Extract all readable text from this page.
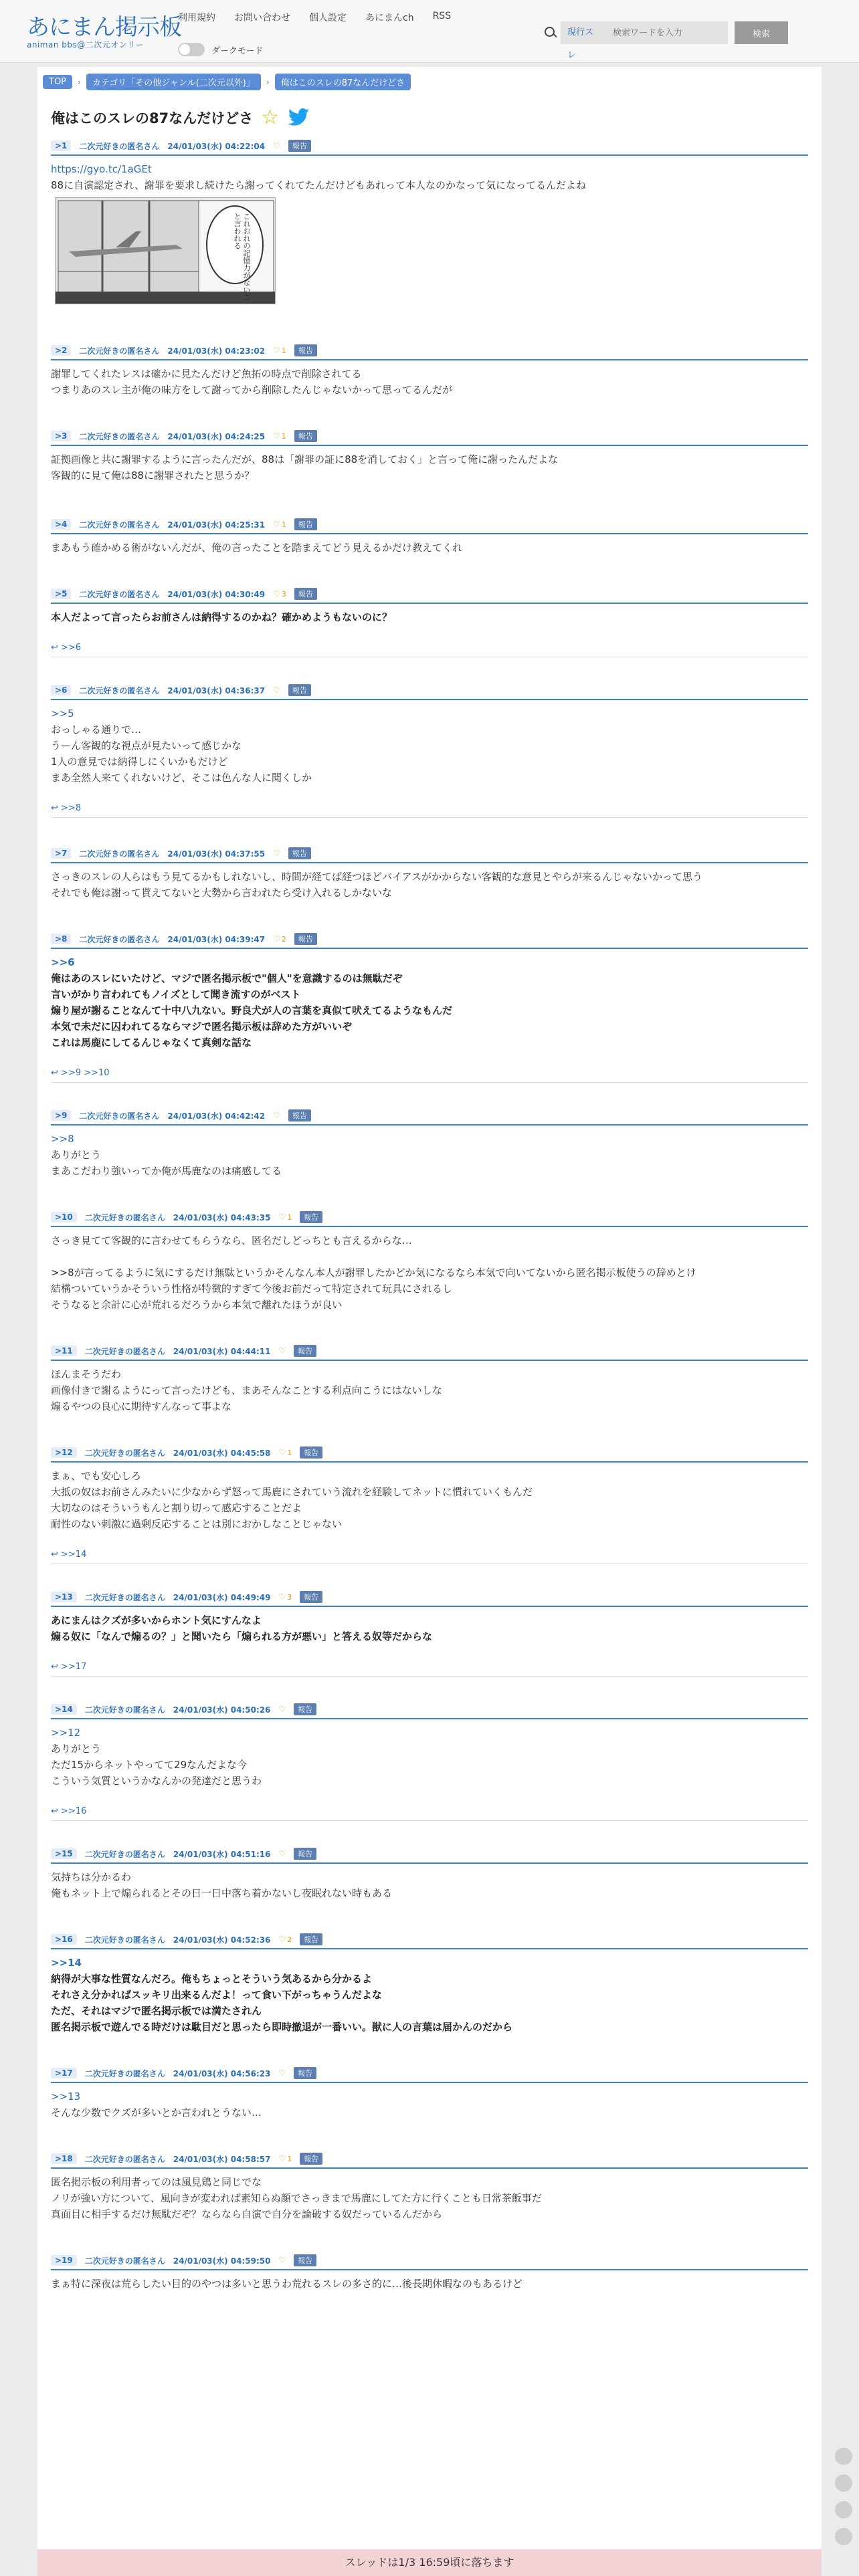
あにまん掲示板
animan bbs@二次元オンリー
利用規約 お問い合わせ 個人設定 あにまんch RSS
ダークモード
現行スレ
検索ワードを入力
検索
TOP	›	カテゴリ「その他ジャンル(二次元以外)」	›	俺はこのスレの87なんだけどさ
俺はこのスレの87なんだけどさ ☆
>1	二次元好きの匿名さん 24/01/03(水) 04:22:04 ♡	報告
https://gyo.tc/1aGEt
88に自演認定され、謝罪を要求し続けたら謝ってくれてたんだけどもあれって本人なのかなって気になってるんだよね
これおれの記憶力がないこと言われる
>2	二次元好きの匿名さん 24/01/03(水) 04:23:02 ♡ 1	報告
謝罪してくれたレスは確かに見たんだけど魚拓の時点で削除されてる
つまりあのスレ主が俺の味方をして謝ってから削除したんじゃないかって思ってるんだが
>3	二次元好きの匿名さん 24/01/03(水) 04:24:25 ♡ 1	報告
証拠画像と共に謝罪するように言ったんだが、88は「謝罪の証に88を消しておく」と言って俺に謝ったんだよな
客観的に見て俺は88に謝罪されたと思うか？
>4	二次元好きの匿名さん 24/01/03(水) 04:25:31 ♡ 1	報告
まあもう確かめる術がないんだが、俺の言ったことを踏まえてどう見えるかだけ教えてくれ
>5	二次元好きの匿名さん 24/01/03(水) 04:30:49 ♡ 3	報告
本人だよって言ったらお前さんは納得するのかね？確かめようもないのに？
↩ >>6
>6	二次元好きの匿名さん 24/01/03(水) 04:36:37 ♡	報告
>>5
おっしゃる通りで…
うーん客観的な視点が見たいって感じかな
1人の意見では納得しにくいかもだけど
まあ全然人来てくれないけど、そこは色んな人に聞くしか
↩ >>8
>7	二次元好きの匿名さん 24/01/03(水) 04:37:55 ♡	報告
さっきのスレの人らはもう見てるかもしれないし、時間が経てば経つほどバイアスがかからない客観的な意見とやらが来るんじゃないかって思う
それでも俺は謝って貰えてないと大勢から言われたら受け入れるしかないな
>8	二次元好きの匿名さん 24/01/03(水) 04:39:47 ♡ 2	報告
>>6
俺はあのスレにいたけど、マジで匿名掲示板で"個人"を意識するのは無駄だぞ
言いがかり言われてもノイズとして聞き流すのがベスト
煽り屋が謝ることなんて十中八九ない。野良犬が人の言葉を真似て吠えてるようなもんだ
本気で未だに囚われてるならマジで匿名掲示板は辞めた方がいいぞ
これは馬鹿にしてるんじゃなくて真剣な話な
↩ >>9 >>10
>9	二次元好きの匿名さん 24/01/03(水) 04:42:42 ♡	報告
>>8
ありがとう
まあこだわり強いってか俺が馬鹿なのは痛感してる
>10	二次元好きの匿名さん 24/01/03(水) 04:43:35 ♡ 1	報告
さっき見てて客観的に言わせてもらうなら、匿名だしどっちとも言えるからな…
>>8が言ってるように気にするだけ無駄というかそんなん本人が謝罪したかどか気になるなら本気で向いてないから匿名掲示板使うの辞めとけ
結構ついていうかそういう性格が特徴的すぎて今後お前だって特定されて玩具にされるし
そうなると余計に心が荒れるだろうから本気で離れたほうが良い
>11	二次元好きの匿名さん 24/01/03(水) 04:44:11 ♡	報告
ほんまそうだわ
画像付きで謝るようにって言ったけども、まあそんなことする利点向こうにはないしな
煽るやつの良心に期待すんなって事よな
>12	二次元好きの匿名さん 24/01/03(水) 04:45:58 ♡ 1	報告
まぁ、でも安心しろ
大抵の奴はお前さんみたいに少なからず怒って馬鹿にされていう流れを経験してネットに慣れていくもんだ
大切なのはそういうもんと割り切って感応することだよ
耐性のない刺激に過剰反応することは別におかしなことじゃない
↩ >>14
>13	二次元好きの匿名さん 24/01/03(水) 04:49:49 ♡ 3	報告
あにまんはクズが多いからホント気にすんなよ
煽る奴に「なんで煽るの？」と聞いたら「煽られる方が悪い」と答える奴等だからな
↩ >>17
>14	二次元好きの匿名さん 24/01/03(水) 04:50:26 ♡	報告
>>12
ありがとう
ただ15からネットやってて29なんだよな今
こういう気質というかなんかの発達だと思うわ
↩ >>16
>15	二次元好きの匿名さん 24/01/03(水) 04:51:16 ♡	報告
気持ちは分かるわ
俺もネット上で煽られるとその日一日中落ち着かないし夜眠れない時もある
>16	二次元好きの匿名さん 24/01/03(水) 04:52:36 ♡ 2	報告
>>14
納得が大事な性質なんだろ。俺もちょっとそういう気あるから分かるよ
それさえ分かればスッキリ出来るんだよ！って食い下がっちゃうんだよな
ただ、それはマジで匿名掲示板では満たされん
匿名掲示板で遊んでる時だけは駄目だと思ったら即時撤退が一番いい。獣に人の言葉は届かんのだから
>17	二次元好きの匿名さん 24/01/03(水) 04:56:23 ♡	報告
>>13
そんな少数でクズが多いとか言われとうない…
>18	二次元好きの匿名さん 24/01/03(水) 04:58:57 ♡ 1	報告
匿名掲示板の利用者ってのは風見鶏と同じでな
ノリが強い方について、風向きが変われば素知らぬ顔でさっきまで馬鹿にしてた方に行くことも日常茶飯事だ
真面目に相手するだけ無駄だぞ？ならなら自演で自分を論破する奴だっているんだから
>19	二次元好きの匿名さん 24/01/03(水) 04:59:50 ♡	報告
まぁ特に深夜は荒らしたい目的のやつは多いと思うわ荒れるスレの多さ的に…後長期休暇なのもあるけど
スレッドは1/3 16:59頃に落ちます
